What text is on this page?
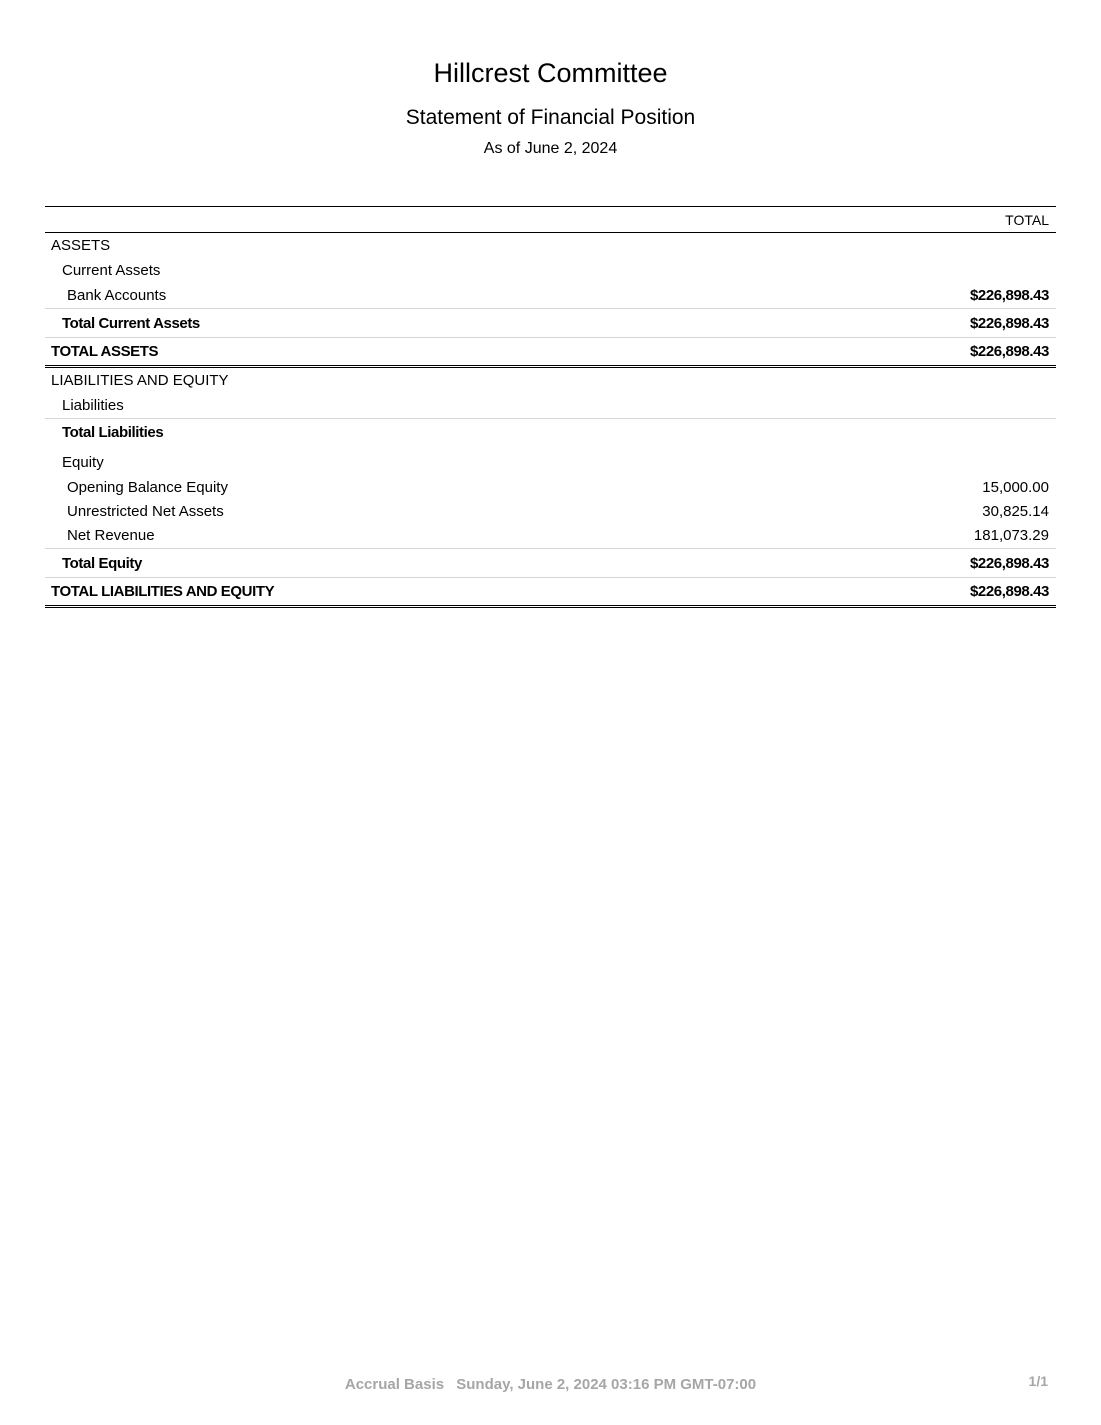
Hillcrest Committee
Statement of Financial Position
As of June 2, 2024
TOTAL
ASSETS
Current Assets
Bank Accounts	$226,898.43
Total Current Assets	$226,898.43
TOTAL ASSETS	$226,898.43
LIABILITIES AND EQUITY
Liabilities
Total Liabilities
Equity
Opening Balance Equity	15,000.00
Unrestricted Net Assets	30,825.14
Net Revenue	181,073.29
Total Equity	$226,898.43
TOTAL LIABILITIES AND EQUITY	$226,898.43
Accrual Basis Sunday, June 2, 2024 03:16 PM GMT-07:00	1/1
